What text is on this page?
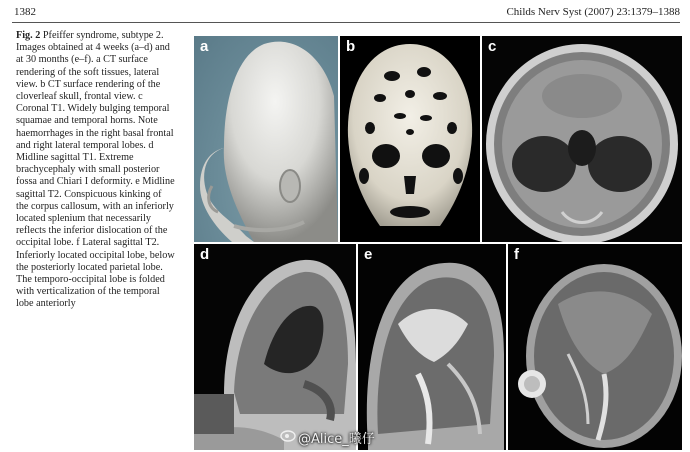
1382	Childs Nerv Syst (2007) 23:1379–1388
Fig. 2 Pfeiffer syndrome, subtype 2. Images obtained at 4 weeks (a–d) and at 30 months (e–f). a CT surface rendering of the soft tissues, lateral view. b CT surface rendering of the cloverleaf skull, frontal view. c Coronal T1. Widely bulging temporal squamae and temporal horns. Note haemorrhages in the right basal frontal and right lateral temporal lobes. d Midline sagittal T1. Extreme brachycephaly with small posterior fossa and Chiari I deformity. e Midline sagittal T2. Conspicuous kinking of the corpus callosum, with an inferiorly located splenium that necessarily reflects the inferior dislocation of the occipital lobe. f Lateral sagittal T2. Inferiorly located occipital lobe, below the posteriorly located parietal lobe. The temporo-occipital lobe is folded with verticalization of the temporal lobe anteriorly
a	b	c
d	e	f
@Alice_曦仔
